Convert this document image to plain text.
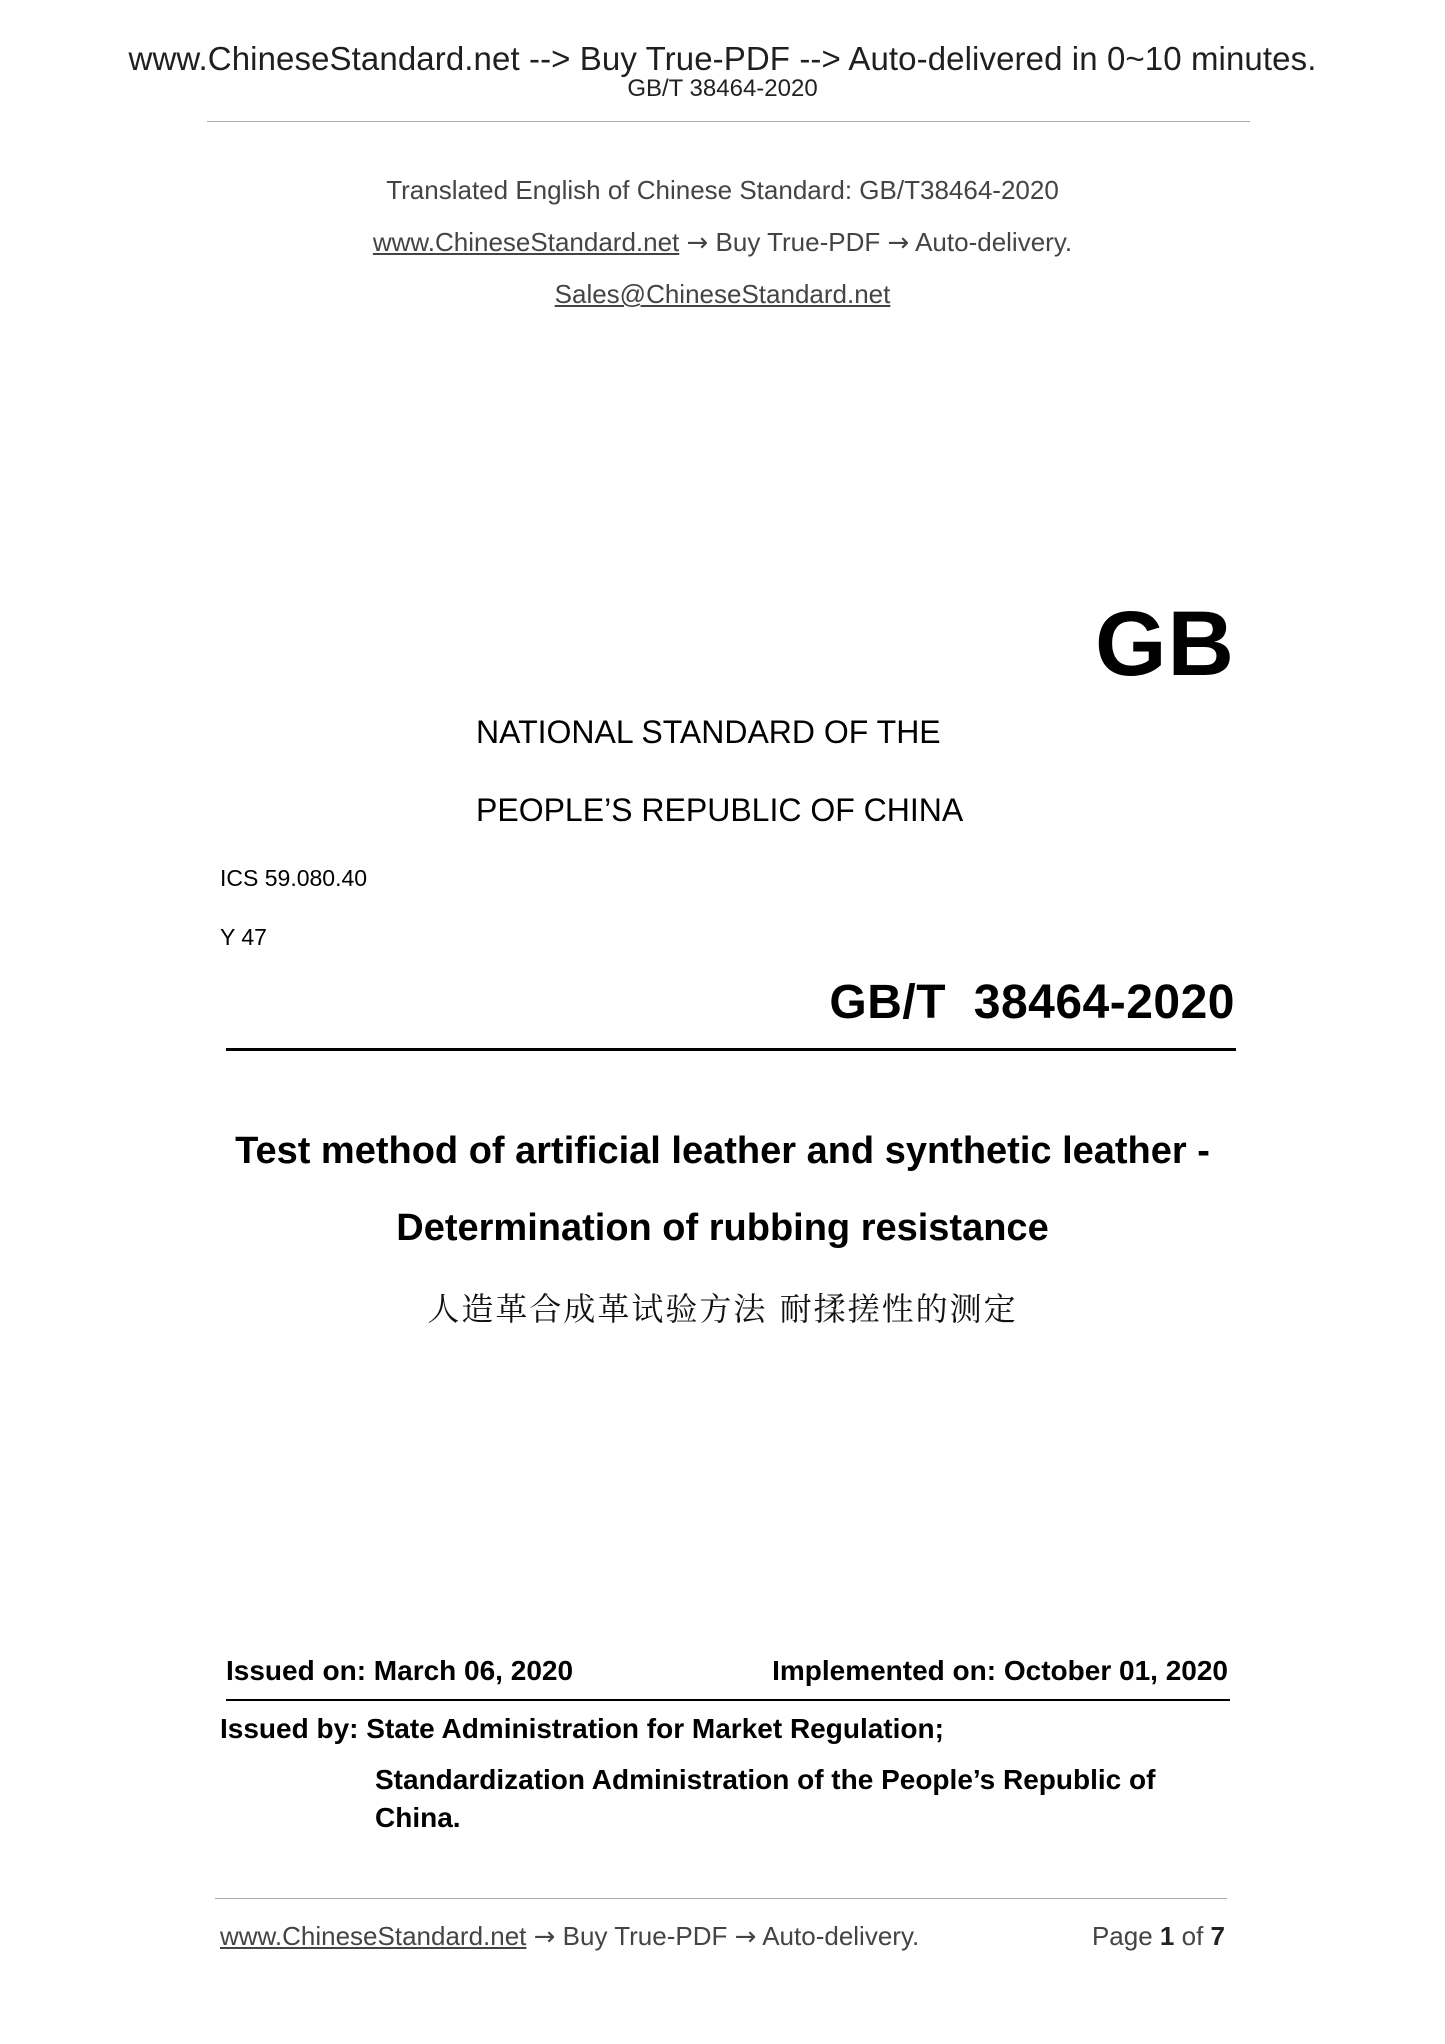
www.ChineseStandard.net --> Buy True-PDF --> Auto-delivered in 0~10 minutes.
GB/T 38464-2020
Translated English of Chinese Standard: GB/T38464-2020
www.ChineseStandard.net → Buy True-PDF → Auto-delivery.
Sales@ChineseStandard.net
GB
NATIONAL STANDARD OF THE
PEOPLE’S REPUBLIC OF CHINA
ICS 59.080.40
Y 47
GB/T  38464-2020
Test method of artificial leather and synthetic leather -
Determination of rubbing resistance
人造革合成革试验方法 耐揉搓性的测定
Issued on: March 06, 2020	Implemented on: October 01, 2020
Issued by: State Administration for Market Regulation;
Standardization Administration of the People’s Republic of China.
www.ChineseStandard.net → Buy True-PDF → Auto-delivery.	Page 1 of 7
